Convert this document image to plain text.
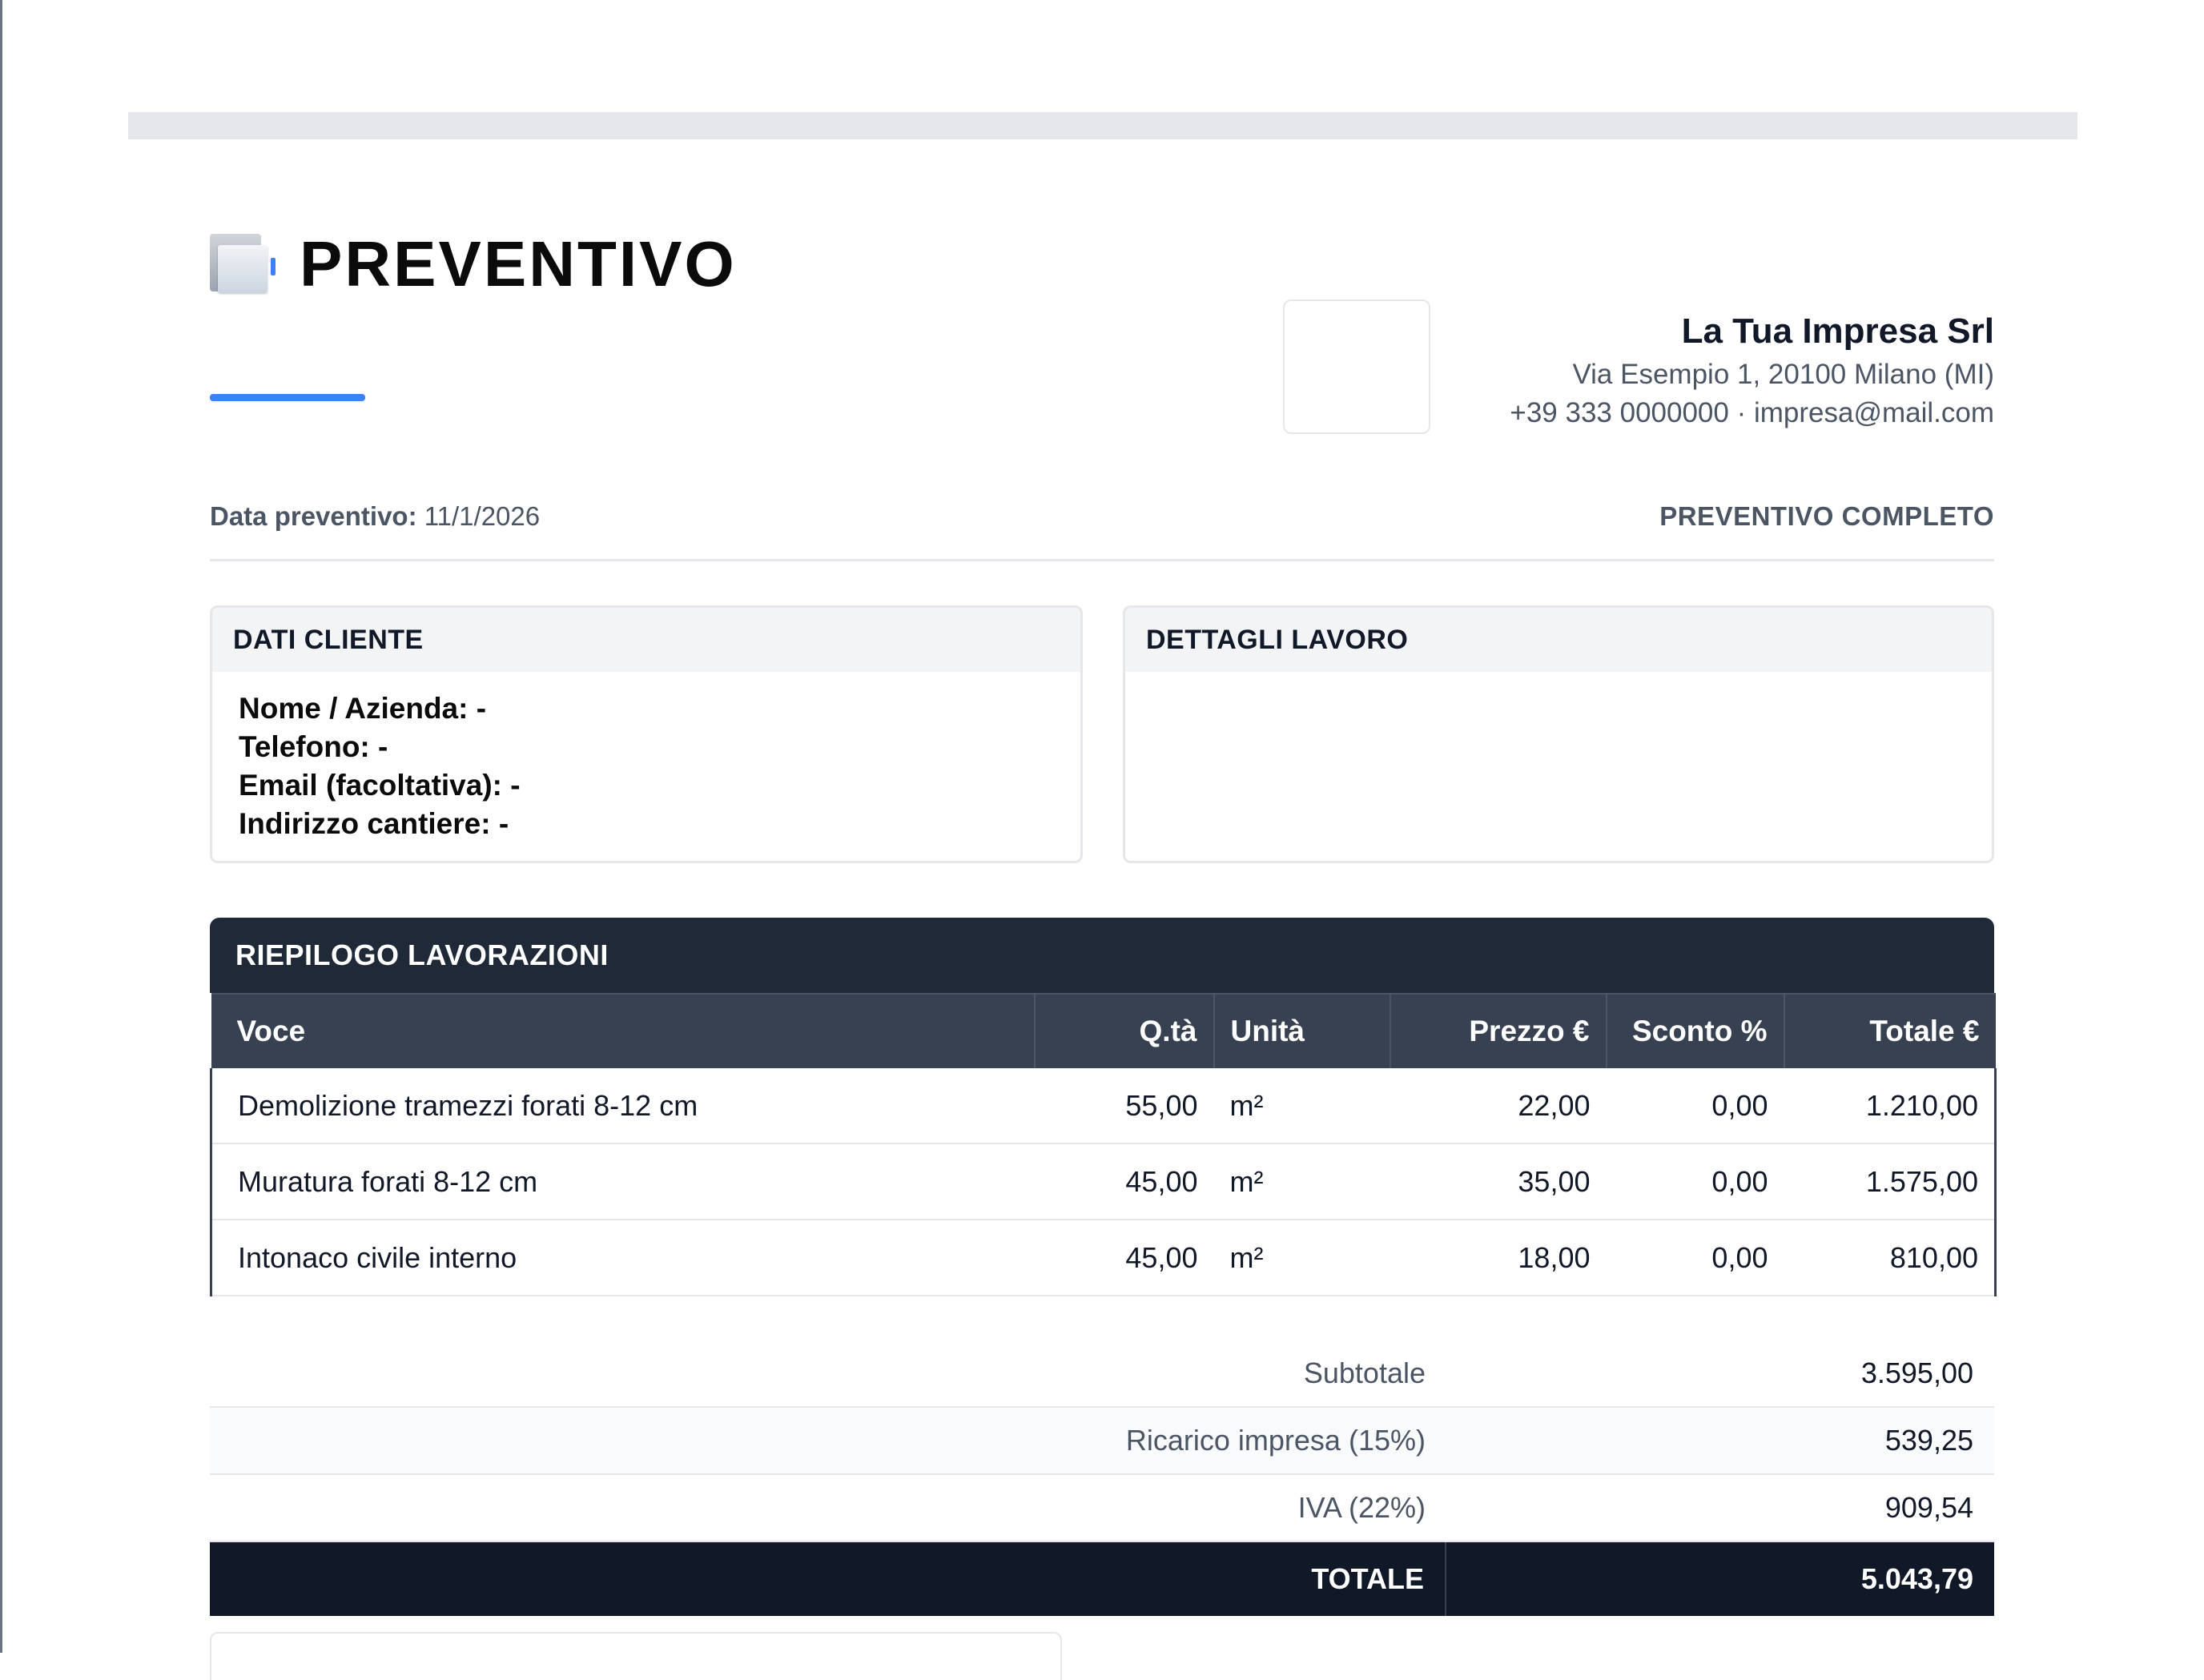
PREVENTIVO
La Tua Impresa Srl
Via Esempio 1, 20100 Milano (MI)
+39 333 0000000 · impresa@mail.com
Data preventivo: 11/1/2026	PREVENTIVO COMPLETO
DATI CLIENTE
Nome / Azienda: -
Telefono: -
Email (facoltativa): -
Indirizzo cantiere: -
DETTAGLI LAVORO
RIEPILOGO LAVORAZIONI
Voce	Q.tà	Unità	Prezzo €	Sconto %	Totale €
Demolizione tramezzi forati 8-12 cm	55,00	m²	22,00	0,00	1.210,00
Muratura forati 8-12 cm	45,00	m²	35,00	0,00	1.575,00
Intonaco civile interno	45,00	m²	18,00	0,00	810,00
Subtotale	3.595,00
Ricarico impresa (15%)	539,25
IVA (22%)	909,54
TOTALE	5.043,79
Note	Firma cliente
